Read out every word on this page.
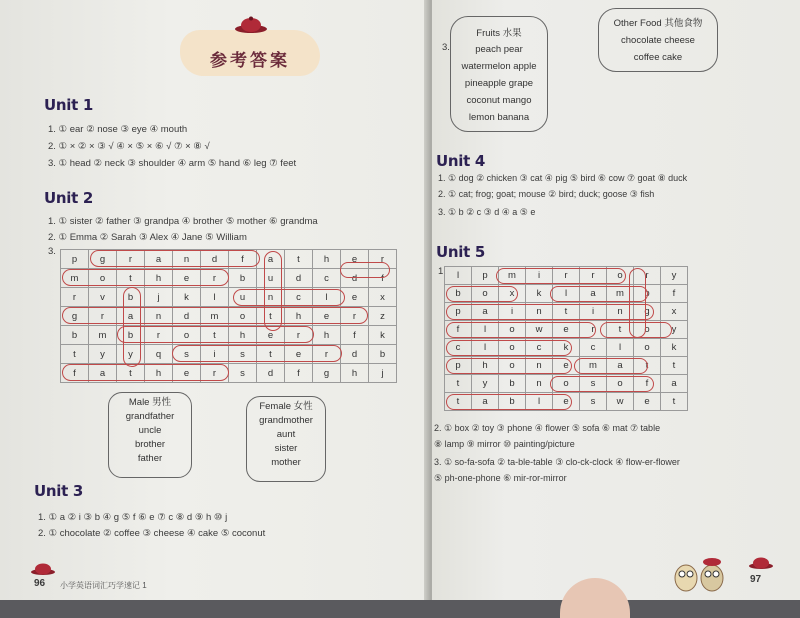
参考答案
Unit 1
1. ① ear ② nose ③ eye ④ mouth
2. ① × ② × ③ √ ④ × ⑤ × ⑥ √ ⑦ × ⑧ √
3. ① head ② neck ③ shoulder ④ arm ⑤ hand ⑥ leg ⑦ feet
Unit 2
1. ① sister ② father ③ grandpa ④ brother ⑤ mother ⑥ grandma
2. ① Emma ② Sarah ③ Alex ④ Jane ⑤ William
3.
p	g	r	a	n	d	f	a	t	h	e	r
m	o	t	h	e	r	b	u	d	c	d	f
r	v	b	j	k	l	u	n	c	l	e	x
g	r	a	n	d	m	o	t	h	e	r	z
b	m	b	r	o	t	h	e	r	h	f	k
t	y	y	q	s	i	s	t	e	r	d	b
f	a	t	h	e	r	s	d	f	g	h	j
Male 男性
grandfather
uncle
brother
father
Female 女性
grandmother
aunt
sister
mother
Unit 3
1. ① a ② i ③ b ④ g ⑤ f ⑥ e ⑦ c ⑧ d ⑨ h ⑩ j
2. ① chocolate ② coffee ③ cheese ④ cake ⑤ coconut
96 小学英语词汇巧学速记 1
3.
Fruits 水果
peach pear
watermelon apple
pineapple grape
coconut mango
lemon banana
Other Food 其他食物
chocolate cheese
coffee cake
Unit 4
1. ① dog ② chicken ③ cat ④ pig ⑤ bird ⑥ cow ⑦ goat ⑧ duck
2. ① cat; frog; goat; mouse ② bird; duck; goose ③ fish
3. ① b ② c ③ d ④ a ⑤ e
Unit 5
1. l	p	m	i	r	r	o	r	y
b	o	x	k	l	a	m	p	f
p	a	i	n	t	i	n	g	x
f	l	o	w	e	r	t	o	y
c	l	o	c	k	c	l	o	k
p	h	o	n	e	m	a	t	t
t	y	b	n	o	s	o	f	a
t	a	b	l	e	s	w	e	t
2. ① box ② toy ③ phone ④ flower ⑤ sofa ⑥ mat ⑦ table
⑧ lamp ⑨ mirror ⑩ painting/picture
3. ① so-fa-sofa ② ta-ble-table ③ clo-ck-clock ④ flow-er-flower
⑤ ph-one-phone ⑥ mir-ror-mirror
97
